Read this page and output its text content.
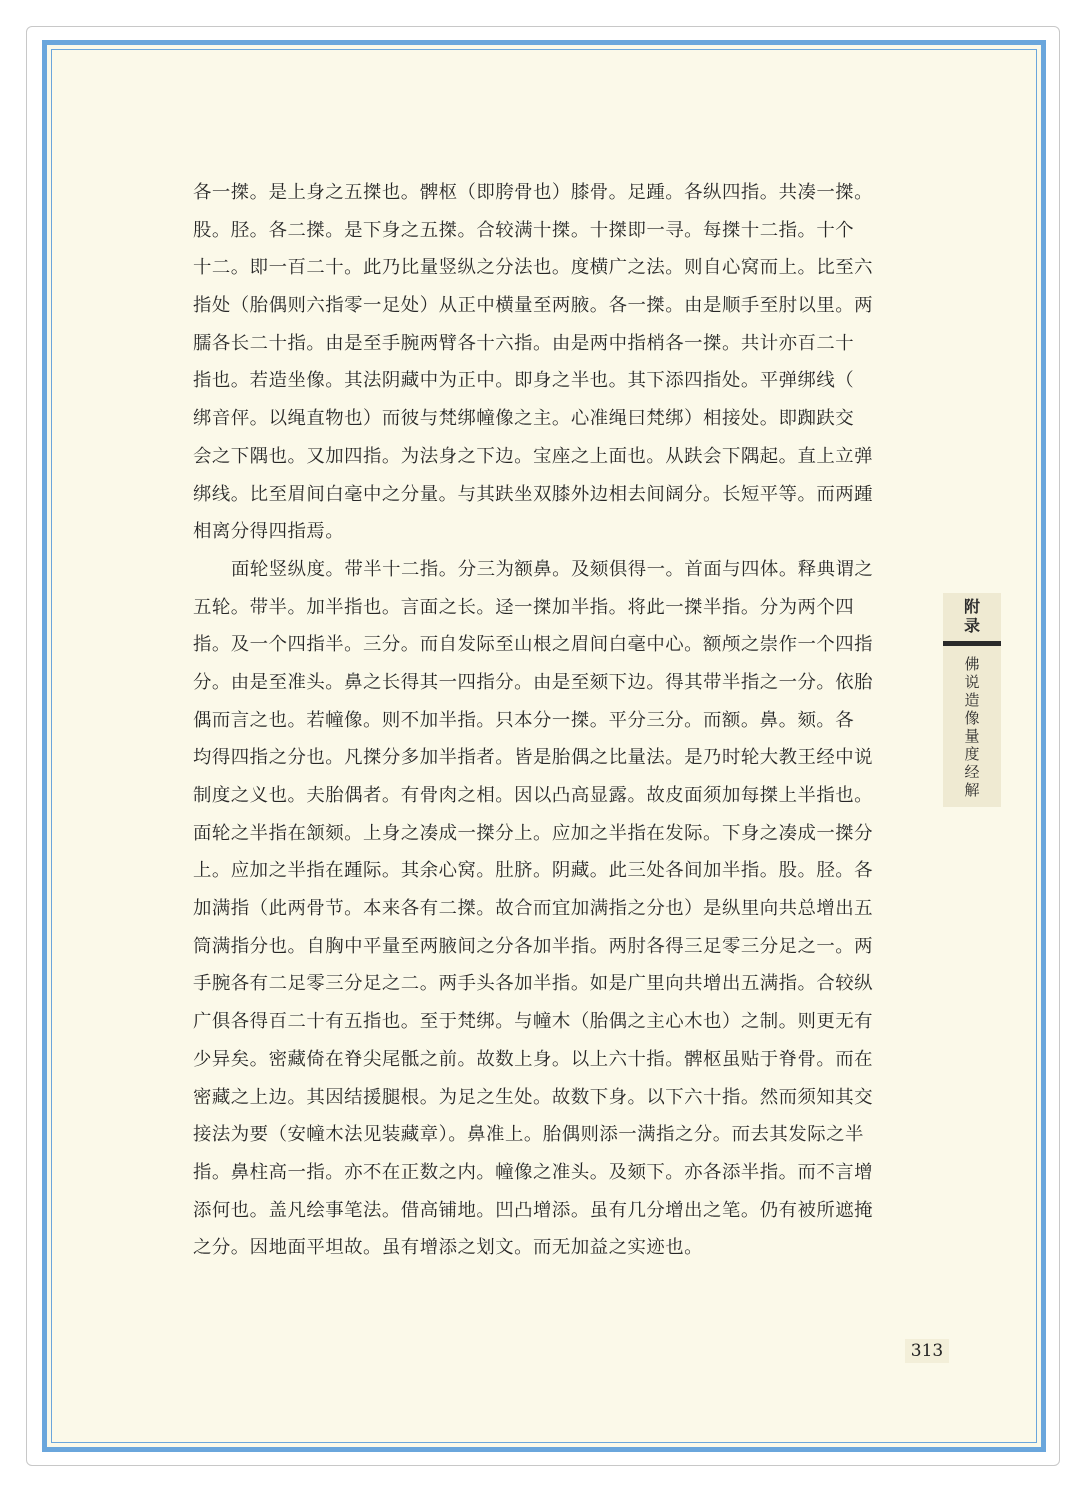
各一搩。是上身之五搩也。髀枢（即胯骨也）膝骨。足踵。各纵四指。共凑一搩。
股。胫。各二搩。是下身之五搩。合较满十搩。十搩即一寻。每搩十二指。十个
十二。即一百二十。此乃比量竖纵之分法也。度横广之法。则自心窝而上。比至六
指处（胎偶则六指零一足处）从正中横量至两腋。各一搩。由是顺手至肘以里。两
臑各长二十指。由是至手腕两臂各十六指。由是两中指梢各一搩。共计亦百二十
指也。若造坐像。其法阴藏中为正中。即身之半也。其下添四指处。平弹绑线（
绑音伻。以绳直物也）而彼与梵绑幢像之主。心准绳曰梵绑）相接处。即踟趺交
会之下隅也。又加四指。为法身之下边。宝座之上面也。从趺会下隅起。直上立弹
绑线。比至眉间白毫中之分量。与其趺坐双膝外边相去间阔分。长短平等。而两踵
相离分得四指焉。
面轮竖纵度。带半十二指。分三为额鼻。及颏俱得一。首面与四体。释典谓之
五轮。带半。加半指也。言面之长。迳一搩加半指。将此一搩半指。分为两个四
指。及一个四指半。三分。而自发际至山根之眉间白毫中心。额颅之崇作一个四指
分。由是至准头。鼻之长得其一四指分。由是至颏下边。得其带半指之一分。依胎
偶而言之也。若幢像。则不加半指。只本分一搩。平分三分。而额。鼻。颏。各
均得四指之分也。凡搩分多加半指者。皆是胎偶之比量法。是乃时轮大教王经中说
制度之义也。夫胎偶者。有骨肉之相。因以凸高显露。故皮面须加每搩上半指也。
面轮之半指在颔颏。上身之凑成一搩分上。应加之半指在发际。下身之凑成一搩分
上。应加之半指在踵际。其余心窝。肚脐。阴藏。此三处各间加半指。股。胫。各
加满指（此两骨节。本来各有二搩。故合而宜加满指之分也）是纵里向共总增出五
筒满指分也。自胸中平量至两腋间之分各加半指。两肘各得三足零三分足之一。两
手腕各有二足零三分足之二。两手头各加半指。如是广里向共增出五满指。合较纵
广俱各得百二十有五指也。至于梵绑。与幢木（胎偶之主心木也）之制。则更无有
少异矣。密藏倚在脊尖尾骶之前。故数上身。以上六十指。髀枢虽贴于脊骨。而在
密藏之上边。其因结援腿根。为足之生处。故数下身。以下六十指。然而须知其交
接法为要（安幢木法见装藏章）。鼻准上。胎偶则添一满指之分。而去其发际之半
指。鼻柱高一指。亦不在正数之内。幢像之准头。及颏下。亦各添半指。而不言增
添何也。盖凡绘事笔法。借高铺地。凹凸增添。虽有几分增出之笔。仍有被所遮掩
之分。因地面平坦故。虽有增添之划文。而无加益之实迹也。
附
录
佛
说
造
像
量
度
经
解
313
